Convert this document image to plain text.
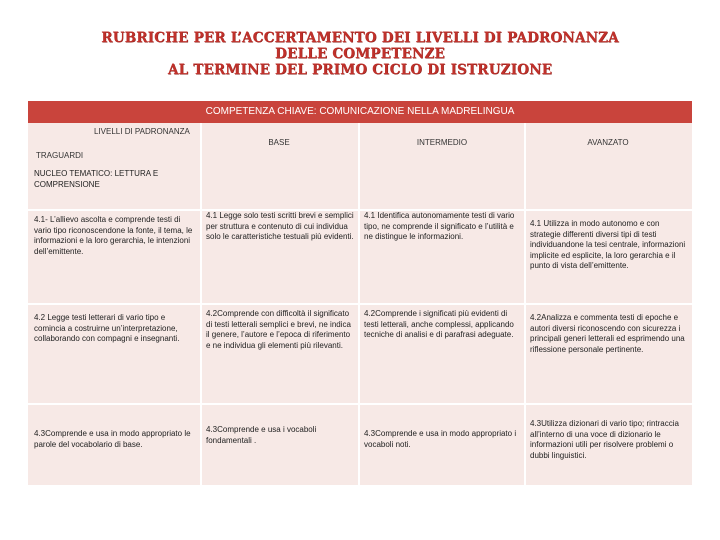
RUBRICHE PER L’ACCERTAMENTO DEI LIVELLI DI PADRONANZA
DELLE COMPETENZE
AL TERMINE DEL PRIMO CICLO DI ISTRUZIONE
COMPETENZA CHIAVE: COMUNICAZIONE NELLA MADRELINGUA
LIVELLI DI PADRONANZA
TRAGUARDI
BASE	INTERMEDIO	AVANZATO
NUCLEO TEMATICO: LETTURA E COMPRENSIONE
4.1- L’allievo ascolta e comprende testi di vario tipo riconoscendone la fonte, il tema, le informazioni e la loro gerarchia, le intenzioni dell’emittente.
4.1 Legge solo testi scritti brevi e semplici per struttura e contenuto di cui individua solo le caratteristiche testuali più evidenti.
4.1 Identifica autonomamente testi di vario tipo, ne comprende il significato e l’utilità e ne distingue le informazioni.
4.1 Utilizza in modo autonomo e con strategie differenti diversi tipi di testi individuandone la tesi centrale, informazioni implicite ed esplicite, la loro gerarchia e il punto di vista dell’emittente.
4.2 Legge testi letterari di vario tipo e comincia a costruirne un’interpretazione, collaborando con compagni e insegnanti.
4.2Comprende con difficoltà il significato di testi letterali semplici e brevi, ne indica il genere, l’autore e l’epoca di riferimento e ne individua gli elementi più rilevanti.
4.2Comprende i significati più evidenti di testi letterali, anche complessi, applicando tecniche di analisi e di parafrasi adeguate.
4.2Analizza e commenta testi di epoche e autori diversi riconoscendo con sicurezza i principali generi letterali ed esprimendo una riflessione personale pertinente.
4.3Comprende e usa in modo appropriato le parole del vocabolario di base.
4.3Comprende e usa i vocaboli fondamentali .
4.3Comprende e usa in modo appropriato i vocaboli noti.
4.3Utilizza dizionari di vario tipo; rintraccia all’interno di una voce di dizionario le informazioni utili per risolvere problemi o dubbi linguistici.
